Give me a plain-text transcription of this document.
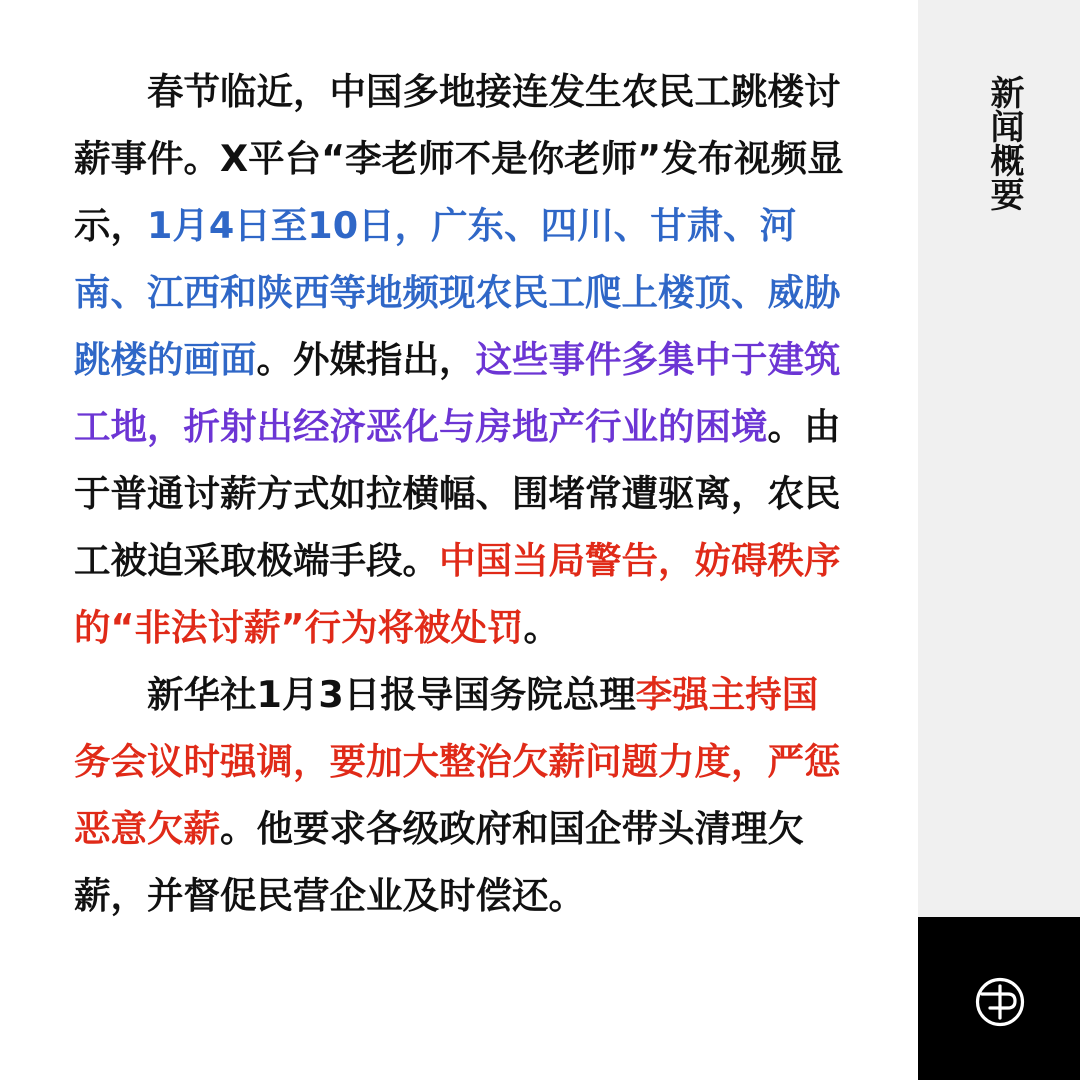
春节临近，中国多地接连发生农民工跳楼讨薪事件。X平台“李老师不是你老师”发布视频显示，1月4日至10日，广东、四川、甘肃、河南、江西和陕西等地频现农民工爬上楼顶、威胁跳楼的画面。外媒指出，这些事件多集中于建筑工地，折射出经济恶化与房地产行业的困境。由于普通讨薪方式如拉横幅、围堵常遭驱离，农民工被迫采取极端手段。中国当局警告，妨碍秩序的“非法讨薪”行为将被处罚。

新华社1月3日报导国务院总理李强主持国务会议时强调，要加大整治欠薪问题力度，严惩恶意欠薪。他要求各级政府和国企带头清理欠薪，并督促民营企业及时偿还。

新闻概要
